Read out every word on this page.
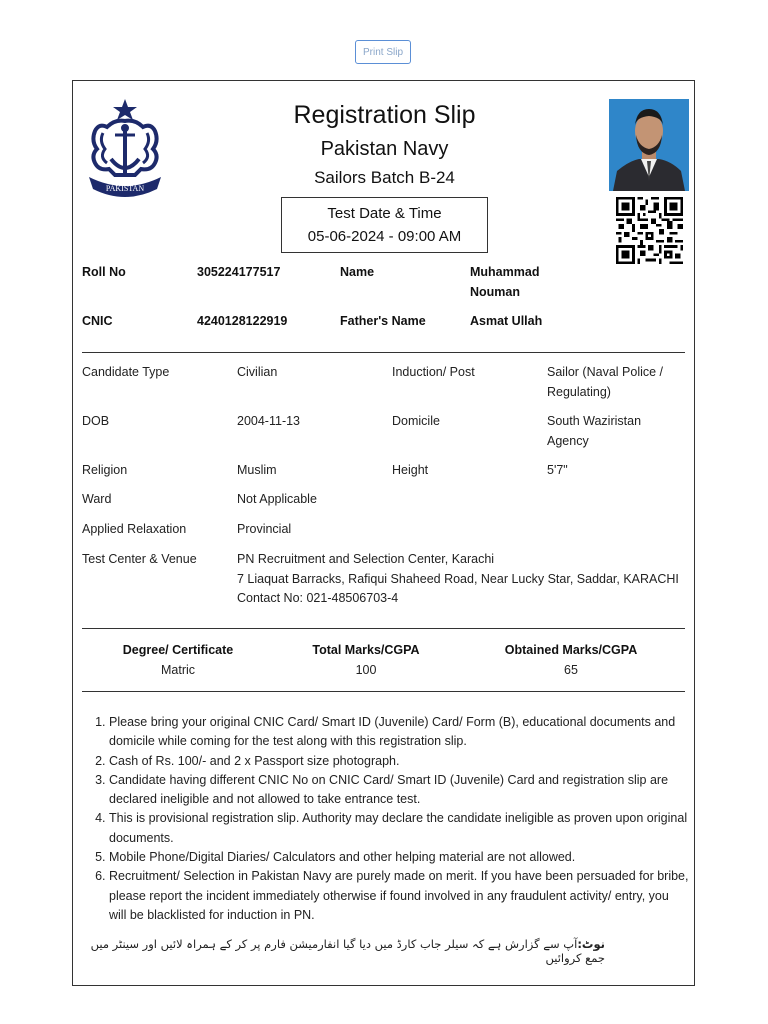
Print Slip
PAKISTAN
Registration Slip
Pakistan Navy
Sailors Batch B-24
Test Date & Time
05-06-2024 - 09:00 AM
Roll No	305224177517	Name	Muhammad
Nouman
CNIC	4240128122919	Father's Name	Asmat Ullah
Candidate Type	Civilian	Induction/ Post	Sailor (Naval Police /
Regulating)
DOB	2004-11-13	Domicile	South Waziristan
Agency
Religion	Muslim	Height	5'7"
Ward	Not Applicable
Applied Relaxation	Provincial
Test Center & Venue	PN Recruitment and Selection Center, Karachi
7 Liaquat Barracks, Rafiqui Shaheed Road, Near Lucky Star, Saddar, KARACHI
Contact No: 021-48506703-4
Degree/ Certificate	Total Marks/CGPA	Obtained Marks/CGPA
Matric	100	65
1. Please bring your original CNIC Card/ Smart ID (Juvenile) Card/ Form (B), educational documents and domicile while coming for the test along with this registration slip.
2. Cash of Rs. 100/- and 2 x Passport size photograph.
3. Candidate having different CNIC No on CNIC Card/ Smart ID (Juvenile) Card and registration slip are declared ineligible and not allowed to take entrance test.
4. This is provisional registration slip. Authority may declare the candidate ineligible as proven upon original documents.
5. Mobile Phone/Digital Diaries/ Calculators and other helping material are not allowed.
6. Recruitment/ Selection in Pakistan Navy are purely made on merit. If you have been persuaded for bribe, please report the incident immediately otherwise if found involved in any fraudulent activity/ entry, you will be blacklisted for induction in PN.
نوٹ:آپ سے گزارش ہے کہ سیلر جاب کارڈ میں دیا گیا انفارمیشن فارم پر کر کے ہمراہ لائیں اور سینٹر میں جمع کروائیں
